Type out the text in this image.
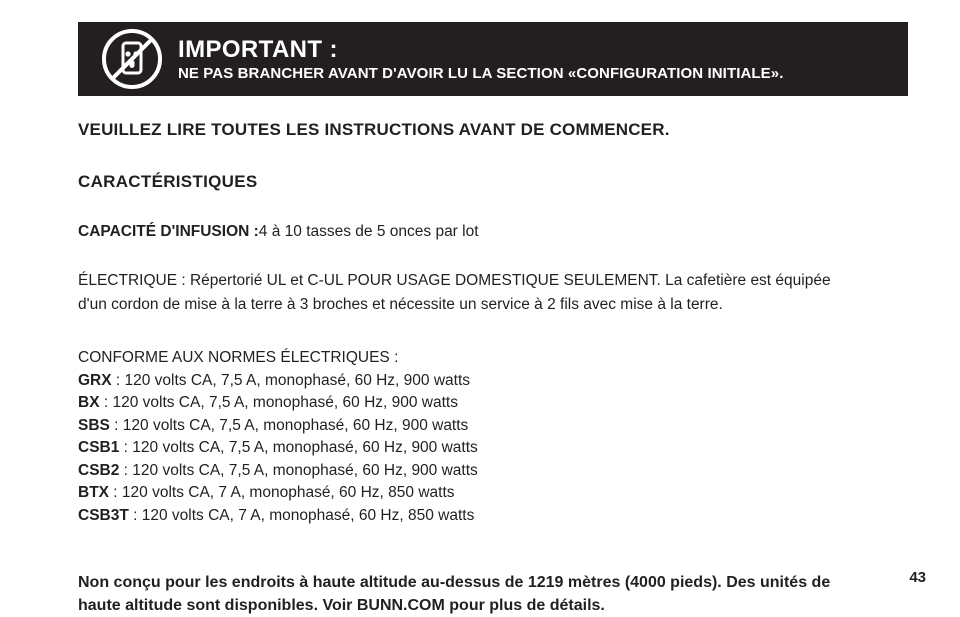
IMPORTANT :
NE PAS BRANCHER AVANT D'AVOIR LU LA SECTION «CONFIGURATION INITIALE».

VEUILLEZ LIRE TOUTES LES INSTRUCTIONS AVANT DE COMMENCER.

CARACTÉRISTIQUES

CAPACITÉ D'INFUSION :4 à 10 tasses de 5 onces par lot

ÉLECTRIQUE : Répertorié UL et C-UL POUR USAGE DOMESTIQUE SEULEMENT. La cafetière est équipée d'un cordon de mise à la terre à 3 broches et nécessite un service à 2 fils avec mise à la terre.

CONFORME AUX NORMES ÉLECTRIQUES :
GRX : 120 volts CA, 7,5 A, monophasé, 60 Hz, 900 watts
BX : 120 volts CA, 7,5 A, monophasé, 60 Hz, 900 watts
SBS : 120 volts CA, 7,5 A, monophasé, 60 Hz, 900 watts
CSB1 : 120 volts CA, 7,5 A, monophasé, 60 Hz, 900 watts
CSB2 : 120 volts CA, 7,5 A, monophasé, 60 Hz, 900 watts
BTX : 120 volts CA, 7 A, monophasé, 60 Hz, 850 watts
CSB3T : 120 volts CA, 7 A, monophasé, 60 Hz, 850 watts

Non conçu pour les endroits à haute altitude au-dessus de 1219 mètres (4000 pieds). Des unités de haute altitude sont disponibles. Voir BUNN.COM pour plus de détails.

43
